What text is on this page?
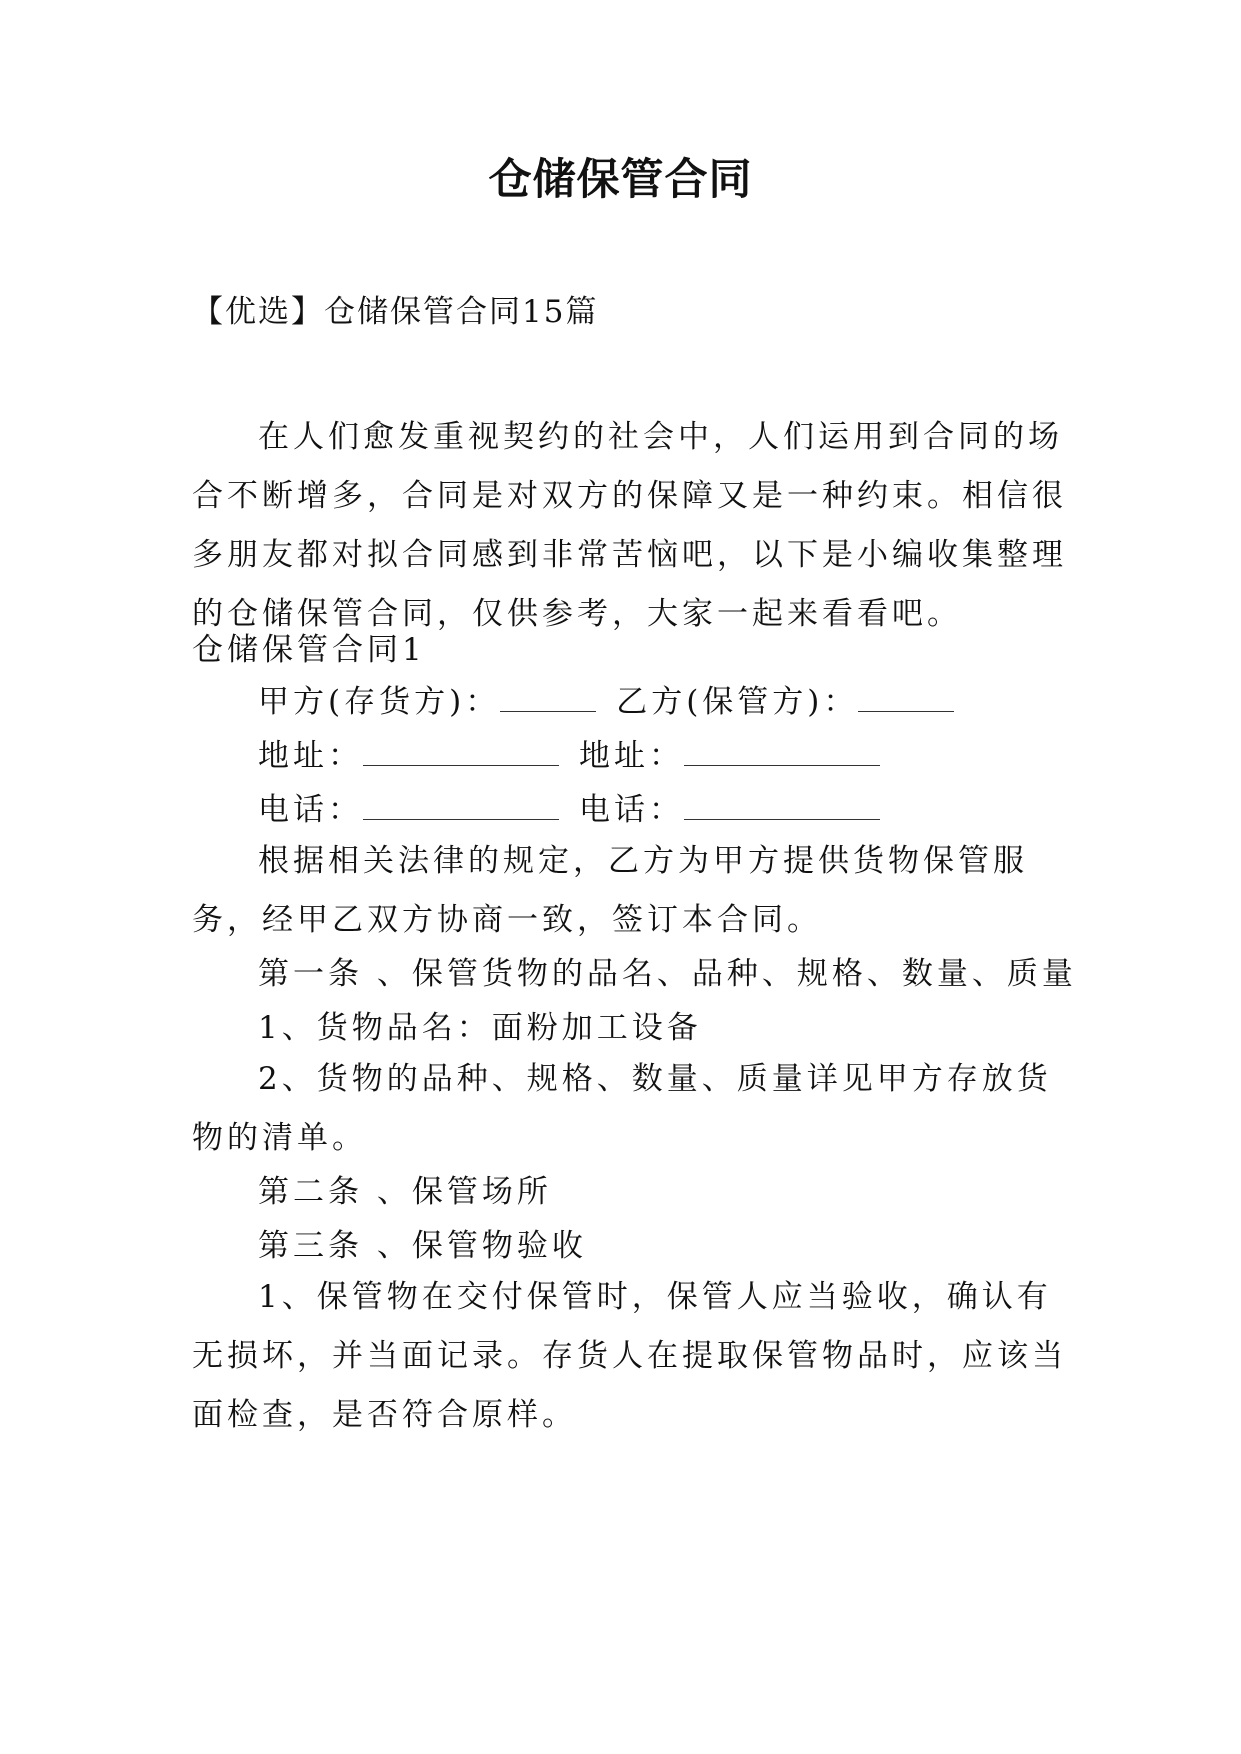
仓储保管合同

【优选】仓储保管合同15篇

在人们愈发重视契约的社会中，人们运用到合同的场合不断增多，合同是对双方的保障又是一种约束。相信很多朋友都对拟合同感到非常苦恼吧，以下是小编收集整理的仓储保管合同，仅供参考，大家一起来看看吧。

仓储保管合同1

甲方(存货方)：	乙方(保管方)：

地址：	地址：

电话：	电话：

根据相关法律的规定，乙方为甲方提供货物保管服务，经甲乙双方协商一致，签订本合同。

第一条 、保管货物的品名、品种、规格、数量、质量

1、货物品名：面粉加工设备

2、货物的品种、规格、数量、质量详见甲方存放货物的清单。

第二条 、保管场所

第三条 、保管物验收

1、保管物在交付保管时，保管人应当验收，确认有无损坏，并当面记录。存货人在提取保管物品时，应该当面检查，是否符合原样。
